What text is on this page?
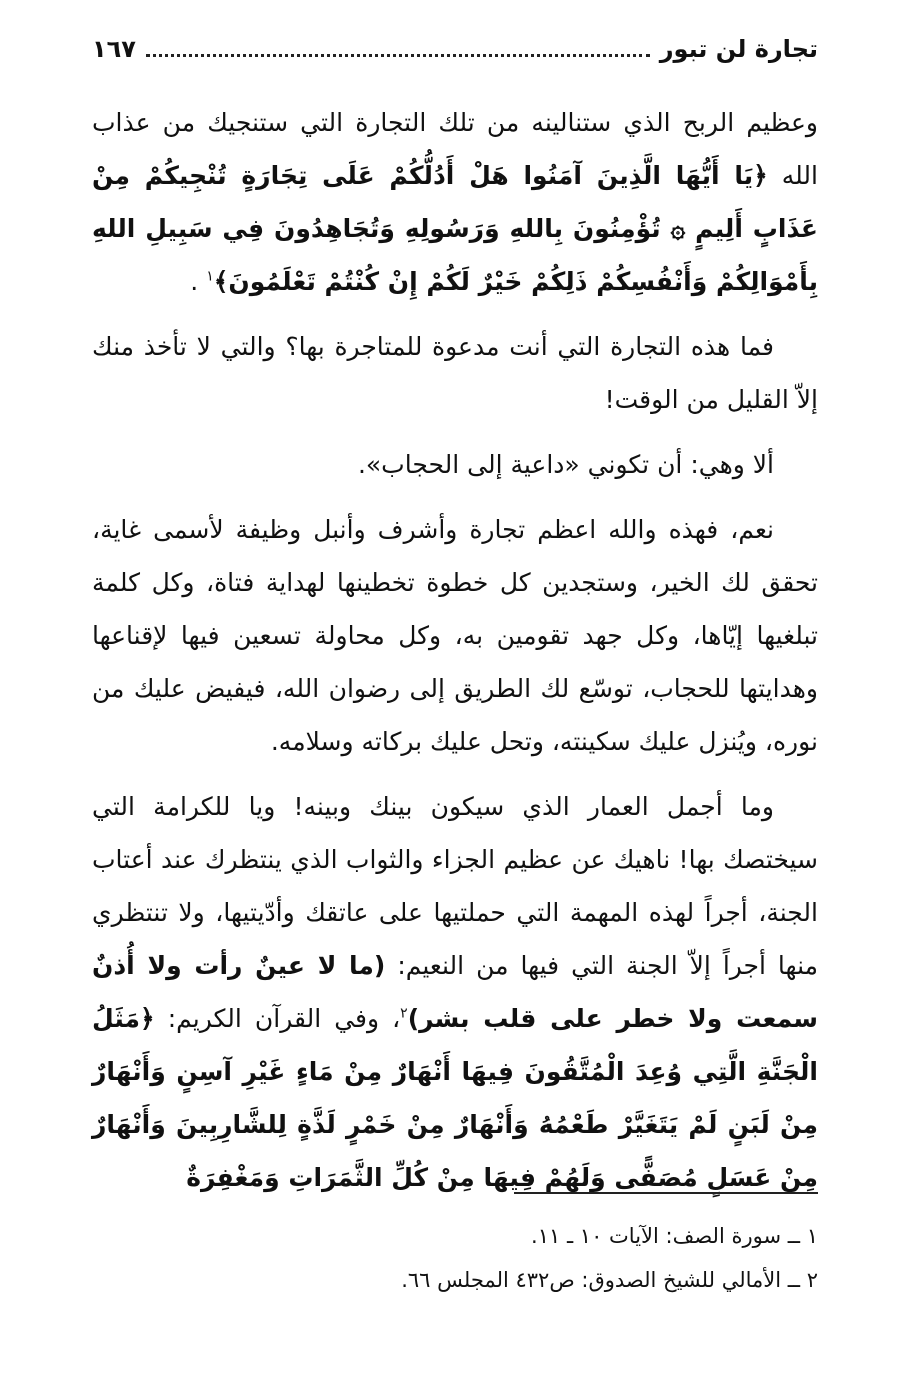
تجارة لن تبور
١٦٧

وعظيم الربح الذي ستنالينه من تلك التجارة التي ستنجيك من عذاب الله ﴿يَا أَيُّهَا الَّذِينَ آمَنُوا هَلْ أَدُلُّكُمْ عَلَى تِجَارَةٍ تُنْجِيكُمْ مِنْ عَذَابٍ أَلِيمٍ ۞ تُؤْمِنُونَ بِاللهِ وَرَسُولِهِ وَتُجَاهِدُونَ فِي سَبِيلِ اللهِ بِأَمْوَالِكُمْ وَأَنْفُسِكُمْ ذَلِكُمْ خَيْرٌ لَكُمْ إِنْ كُنْتُمْ تَعْلَمُونَ﴾$^١$ .

فما هذه التجارة التي أنت مدعوة للمتاجرة بها؟ والتي لا تأخذ منك إلاّ القليل من الوقت!

ألا وهي: أن تكوني «داعية إلى الحجاب».

نعم، فهذه والله اعظم تجارة وأشرف وأنبل وظيفة لأسمى غاية، تحقق لك الخير، وستجدين كل خطوة تخطينها لهداية فتاة، وكل كلمة تبلغيها إيّاها، وكل جهد تقومين به، وكل محاولة تسعين فيها لإقناعها وهدايتها للحجاب، توسّع لك الطريق إلى رضوان الله، فيفيض عليك من نوره، ويُنزل عليك سكينته، وتحل عليك بركاته وسلامه.

وما أجمل العمار الذي سيكون بينك وبينه! ويا للكرامة التي سيختصك بها! ناهيك عن عظيم الجزاء والثواب الذي ينتظرك عند أعتاب الجنة، أجراً لهذه المهمة التي حملتيها على عاتقك وأدّيتيها، ولا تنتظري منها أجراً إلاّ الجنة التي فيها من النعيم: (ما لا عينٌ رأت ولا أُذنٌ سمعت ولا خطر على قلب بشر)$^٢$، وفي القرآن الكريم: ﴿مَثَلُ الْجَنَّةِ الَّتِي وُعِدَ الْمُتَّقُونَ فِيهَا أَنْهَارٌ مِنْ مَاءٍ غَيْرِ آسِنٍ وَأَنْهَارٌ مِنْ لَبَنٍ لَمْ يَتَغَيَّرْ طَعْمُهُ وَأَنْهَارٌ مِنْ خَمْرٍ لَذَّةٍ لِلشَّارِبِينَ وَأَنْهَارٌ مِنْ عَسَلٍ مُصَفًّى وَلَهُمْ فِيهَا مِنْ كُلِّ الثَّمَرَاتِ وَمَغْفِرَةٌ

١ ــ سورة الصف: الآيات ١٠ ـ ١١.
٢ ــ الأمالي للشيخ الصدوق: ص٤٣٢ المجلس ٦٦.
